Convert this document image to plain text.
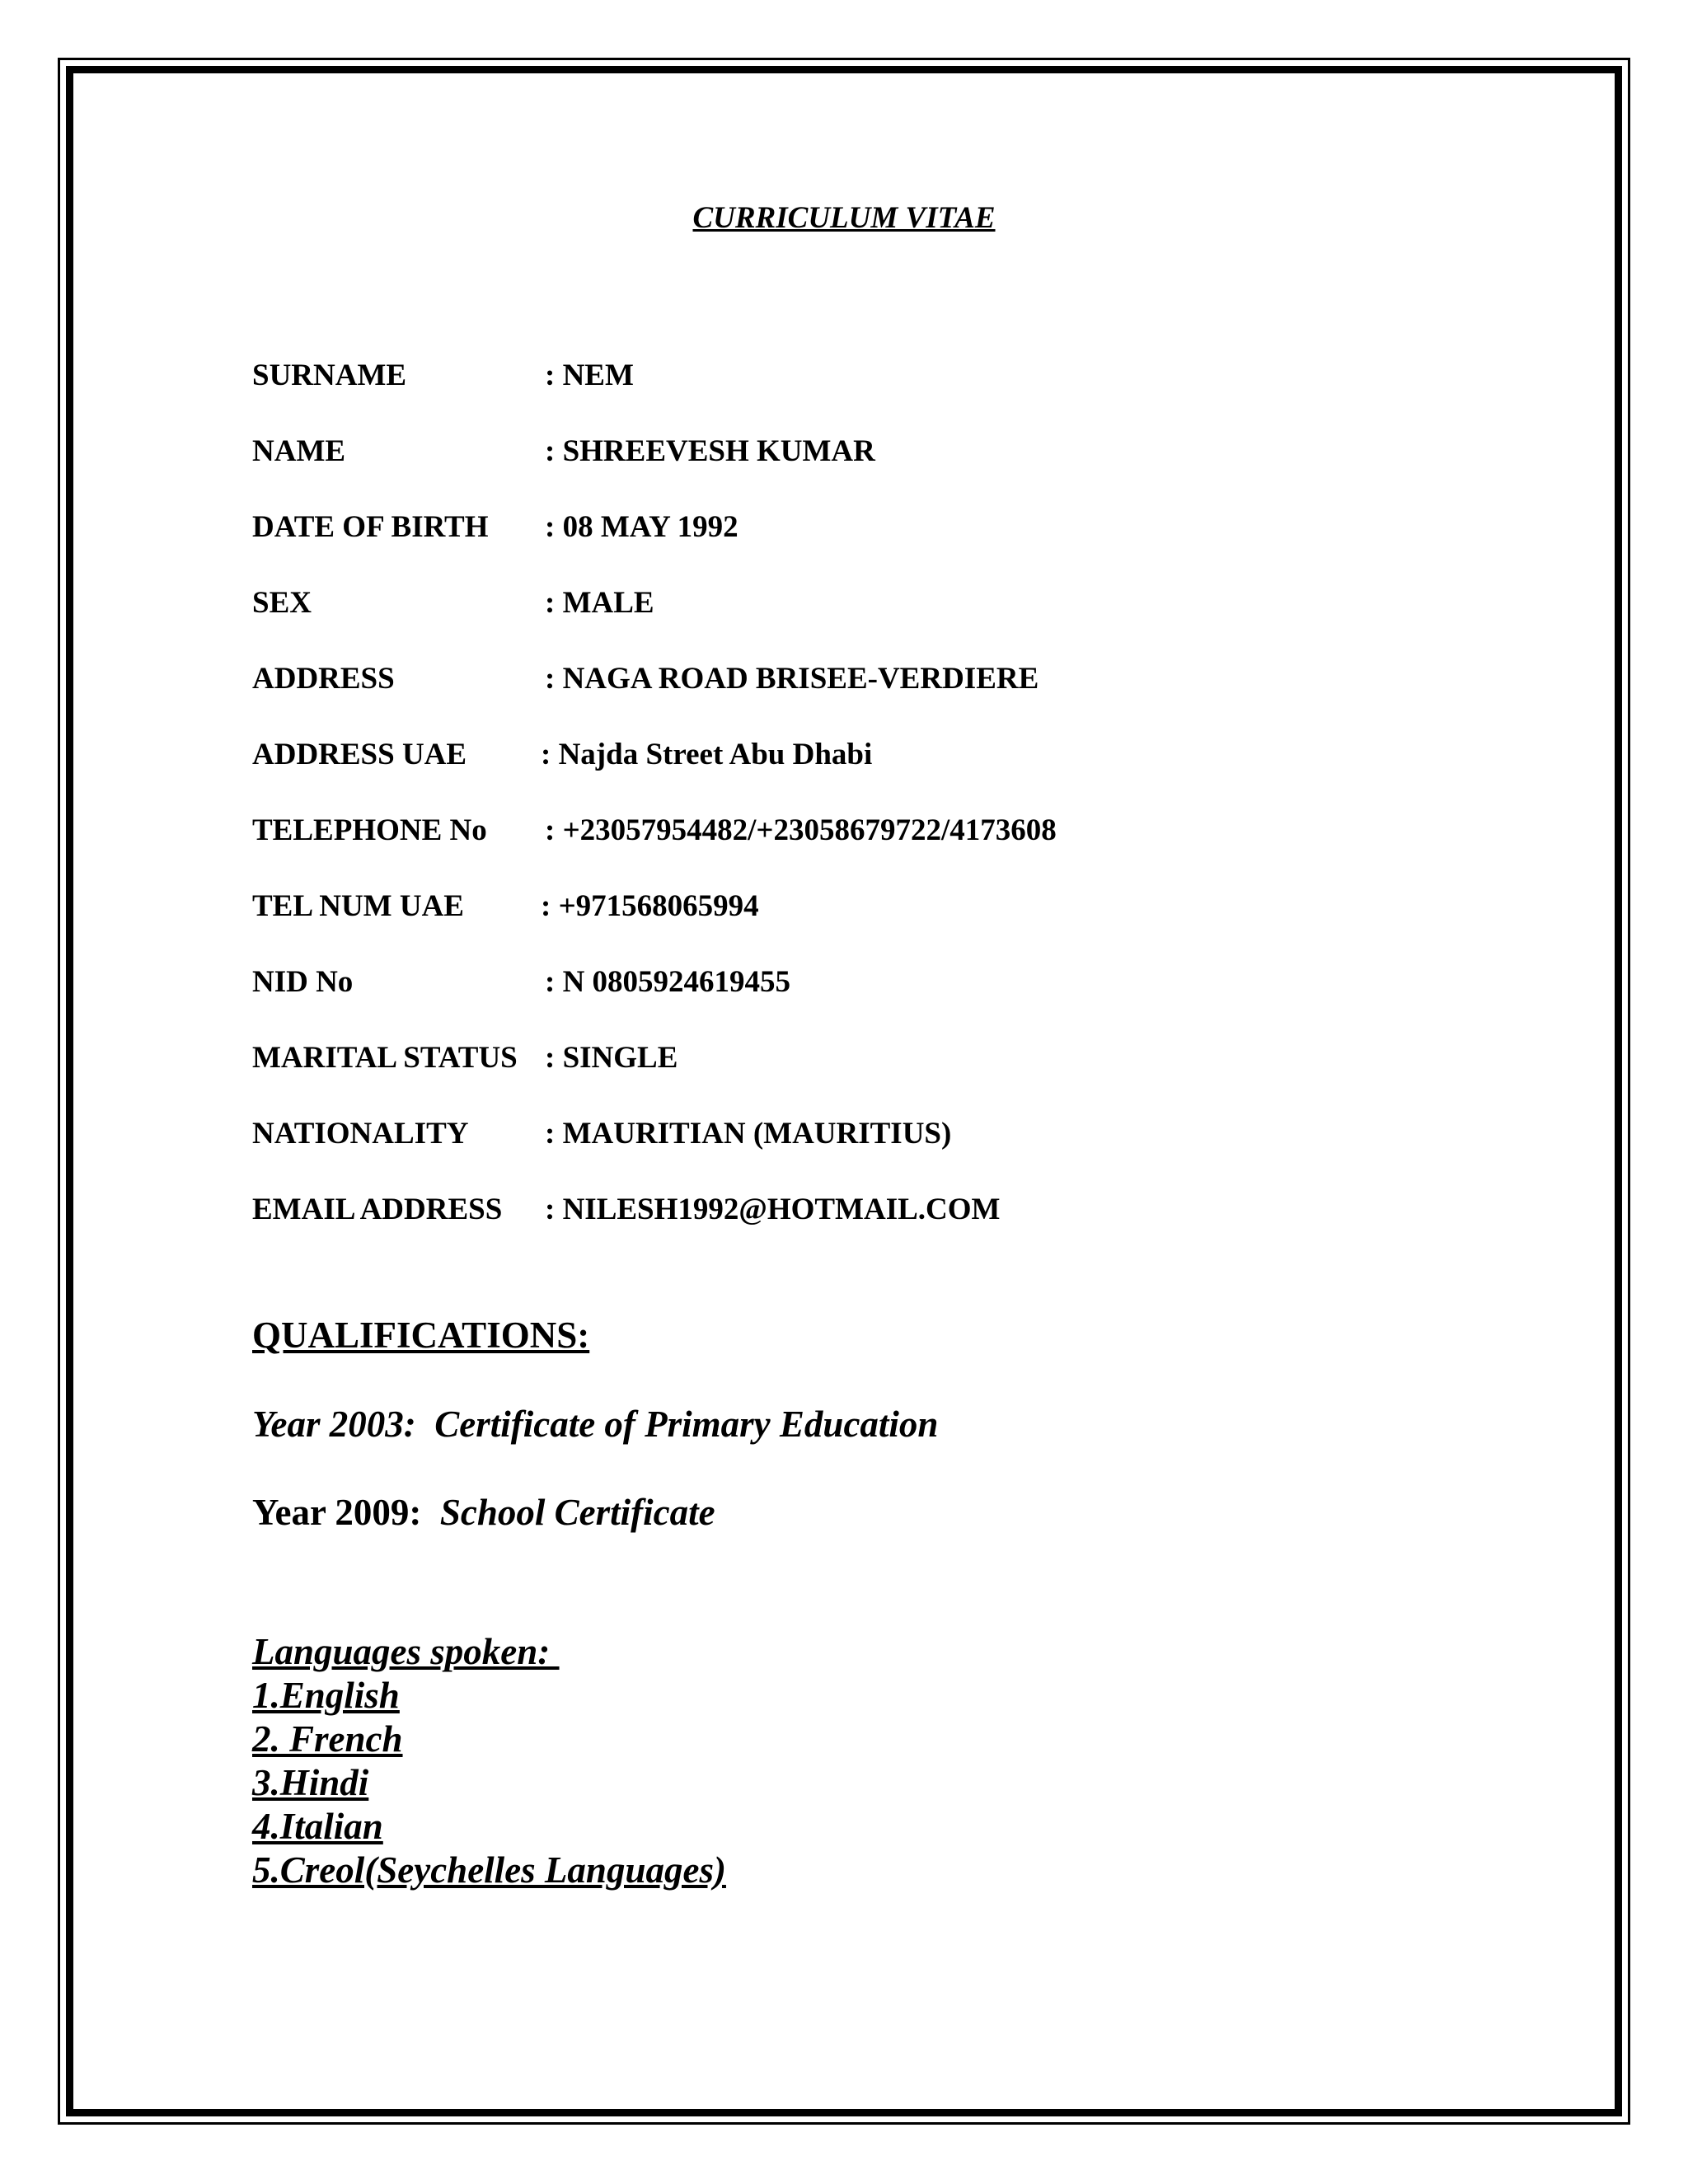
CURRICULUM VITAE
SURNAME	: NEM
NAME	: SHREEVESH KUMAR
DATE OF BIRTH : 08 MAY 1992
SEX	: MALE
ADDRESS	: NAGA ROAD BRISEE-VERDIERE
ADDRESS UAE : Najda Street Abu Dhabi
TELEPHONE No : +23057954482/+23058679722/4173608
TEL NUM UAE	: +971568065994
NID No	: N 0805924619455
MARITAL STATUS : SINGLE
NATIONALITY	: MAURITIAN (MAURITIUS)
EMAIL ADDRESS : NILESH1992@HOTMAIL.COM
QUALIFICATIONS:
Year 2003: Certificate of Primary Education
Year 2009: School Certificate
Languages spoken:
1.English
2. French
3.Hindi
4.Italian
5.Creol(Seychelles Languages)
